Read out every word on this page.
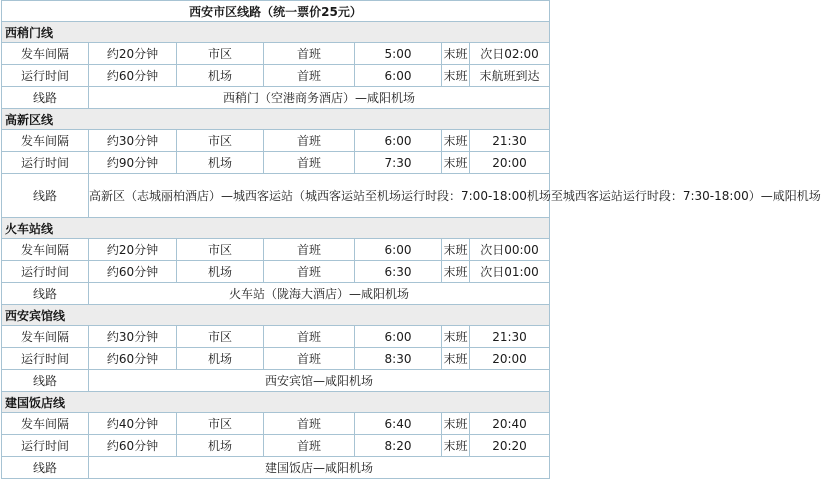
西安市区线路（统一票价25元）						
西稍门线						
发车间隔	约20分钟	市区	首班	5:00	末班	次日02:00
运行时间	约60分钟	机场	首班	6:00	末班	末航班到达
线路	西稍门（空港商务酒店）—咸阳机场					
高新区线						
发车间隔	约30分钟	市区	首班	6:00	末班	21:30
运行时间	约90分钟	机场	首班	7:30	末班	20:00
线路	高新区（志城丽柏酒店）—城西客运站（城西客运站至机场运行时段：7:00-18:00机场至城西客运站运行时段：7:30-18:00）—咸阳机场					
火车站线						
发车间隔	约20分钟	市区	首班	6:00	末班	次日00:00
运行时间	约60分钟	机场	首班	6:30	末班	次日01:00
线路	火车站（陇海大酒店）—咸阳机场					
西安宾馆线						
发车间隔	约30分钟	市区	首班	6:00	末班	21:30
运行时间	约60分钟	机场	首班	8:30	末班	20:00
线路	西安宾馆—咸阳机场					
建国饭店线						
发车间隔	约40分钟	市区	首班	6:40	末班	20:40
运行时间	约60分钟	机场	首班	8:20	末班	20:20
线路	建国饭店—咸阳机场					
